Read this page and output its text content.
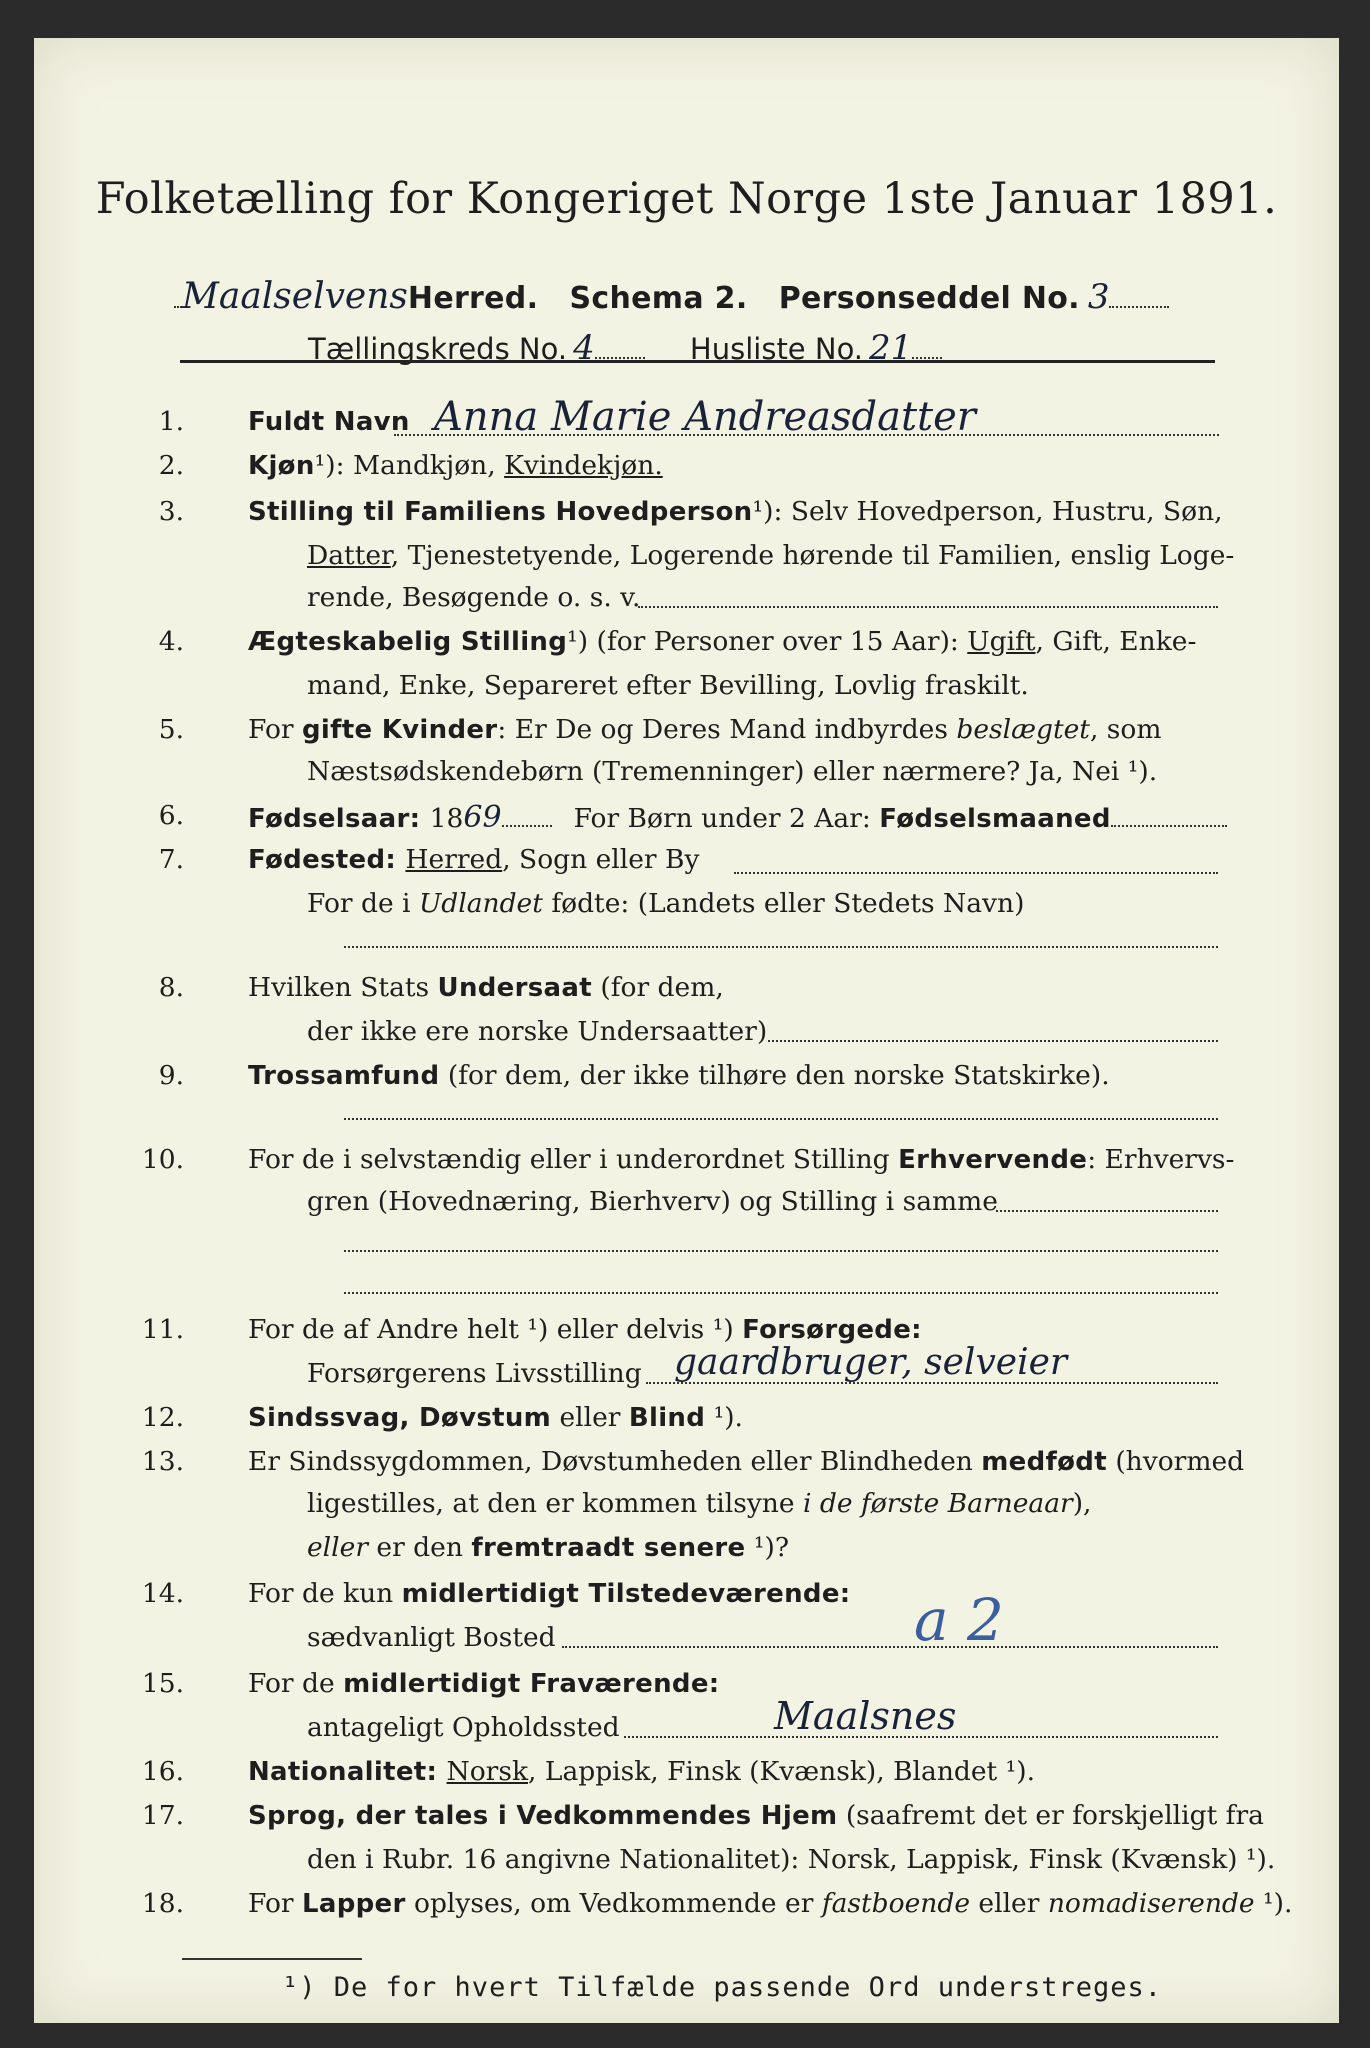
Folketælling for Kongeriget Norge 1ste Januar 1891.
MaalselvensHerred. Schema 2. Personseddel No. 3
Tællingskreds No. 4	Husliste No. 21
1. Fuldt Navn Anna Marie Andreasdatter
2. Kjøn¹): Mandkjøn, Kvindekjøn.
3. Stilling til Familiens Hovedperson¹): Selv Hovedperson, Hustru, Søn,
Datter, Tjenestetyende, Logerende hørende til Familien, enslig Loge-
rende, Besøgende o. s. v.
4. Ægteskabelig Stilling¹) (for Personer over 15 Aar): Ugift, Gift, Enke-
mand, Enke, Separeret efter Bevilling, Lovlig fraskilt.
5. For gifte Kvinder: Er De og Deres Mand indbyrdes beslægtet, som
Næstsødskendebørn (Tremenninger) eller nærmere? Ja, Nei ¹).
6. Fødselsaar: 1869	For Børn under 2 Aar: Fødselsmaaned
7. Fødested: Herred, Sogn eller By
For de i Udlandet fødte: (Landets eller Stedets Navn)
8. Hvilken Stats Undersaat (for dem,
der ikke ere norske Undersaatter)
9. Trossamfund (for dem, der ikke tilhøre den norske Statskirke).
10. For de i selvstændig eller i underordnet Stilling Erhvervende: Erhvervs-
gren (Hovednæring, Bierhverv) og Stilling i samme
11. For de af Andre helt ¹) eller delvis ¹) Forsørgede:
Forsørgerens Livsstilling gaardbruger, selveier
12. Sindssvag, Døvstum eller Blind ¹).
13. Er Sindssygdommen, Døvstumheden eller Blindheden medfødt (hvormed
ligestilles, at den er kommen tilsyne i de første Barneaar),
eller er den fremtraadt senere ¹)?
14. For de kun midlertidigt Tilstedeværende:
sædvanligt Bosted	a 2
15. For de midlertidigt Fraværende:
antageligt Opholdssted	Maalsnes
16. Nationalitet: Norsk, Lappisk, Finsk (Kvænsk), Blandet ¹).
17. Sprog, der tales i Vedkommendes Hjem (saafremt det er forskjelligt fra
den i Rubr. 16 angivne Nationalitet): Norsk, Lappisk, Finsk (Kvænsk) ¹).
18. For Lapper oplyses, om Vedkommende er fastboende eller nomadiserende ¹).
¹) De for hvert Tilfælde passende Ord understreges.
